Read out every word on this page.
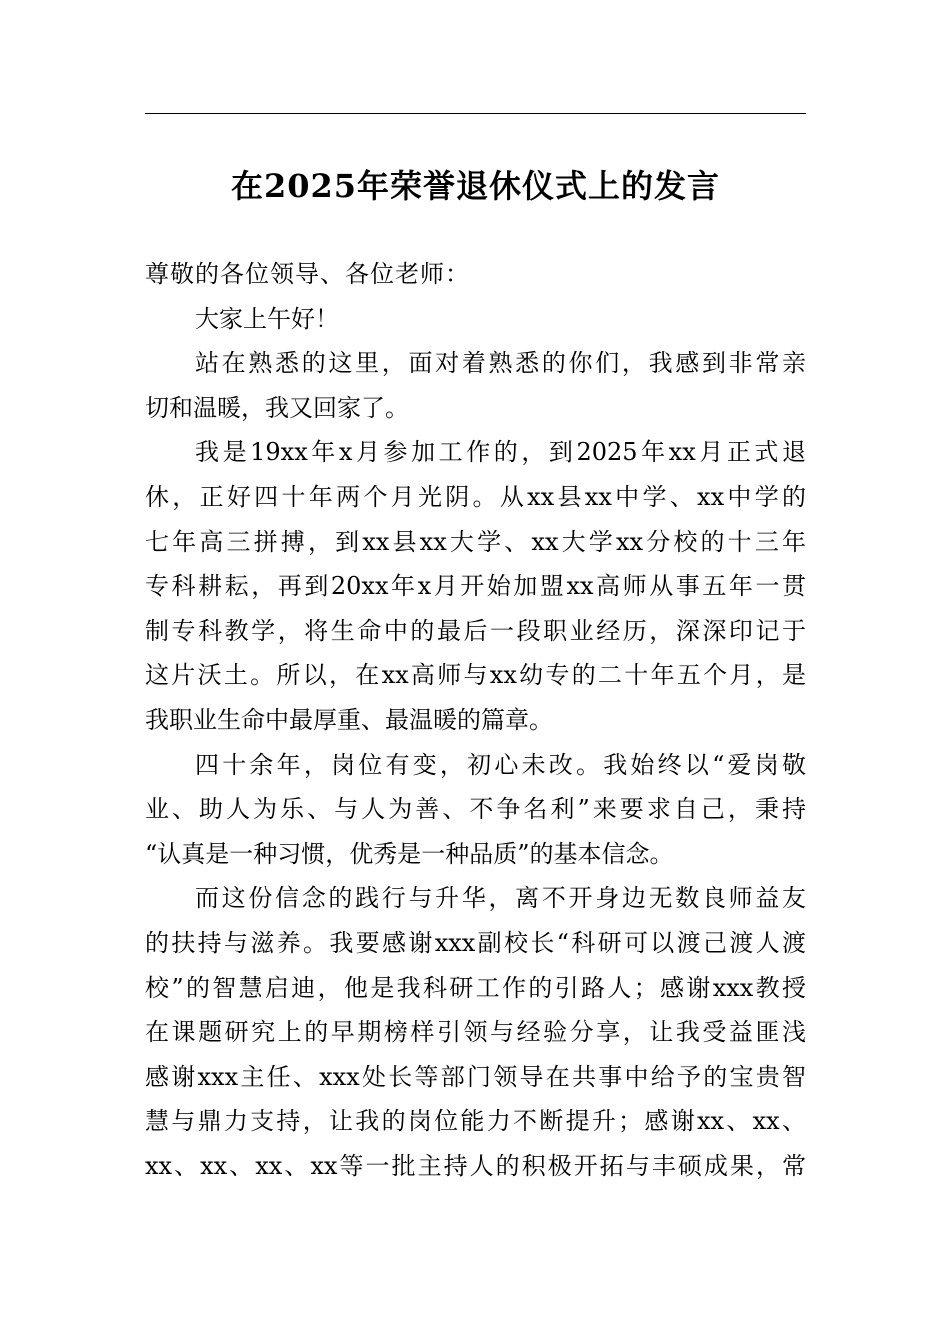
在2025年荣誉退休仪式上的发言
尊敬的各位领导、各位老师：
大家上午好！
站在熟悉的这里，面对着熟悉的你们，我感到非常亲
切和温暖，我又回家了。
我是19xx年x月参加工作的，到2025年xx月正式退
休，正好四十年两个月光阴。从xx县xx中学、xx中学的
七年高三拼搏，到xx县xx大学、xx大学xx分校的十三年
专科耕耘，再到20xx年x月开始加盟xx高师从事五年一贯
制专科教学，将生命中的最后一段职业经历，深深印记于
这片沃土。所以，在xx高师与xx幼专的二十年五个月，是
我职业生命中最厚重、最温暖的篇章。
四十余年，岗位有变，初心未改。我始终以“爱岗敬
业、助人为乐、与人为善、不争名利”来要求自己，秉持
“认真是一种习惯，优秀是一种品质”的基本信念。
而这份信念的践行与升华，离不开身边无数良师益友
的扶持与滋养。我要感谢xxx副校长“科研可以渡己渡人渡
校”的智慧启迪，他是我科研工作的引路人；感谢xxx教授
在课题研究上的早期榜样引领与经验分享，让我受益匪浅
感谢xxx主任、xxx处长等部门领导在共事中给予的宝贵智
慧与鼎力支持，让我的岗位能力不断提升；感谢xx、xx、
xx、xx、xx、xx等一批主持人的积极开拓与丰硕成果，常
